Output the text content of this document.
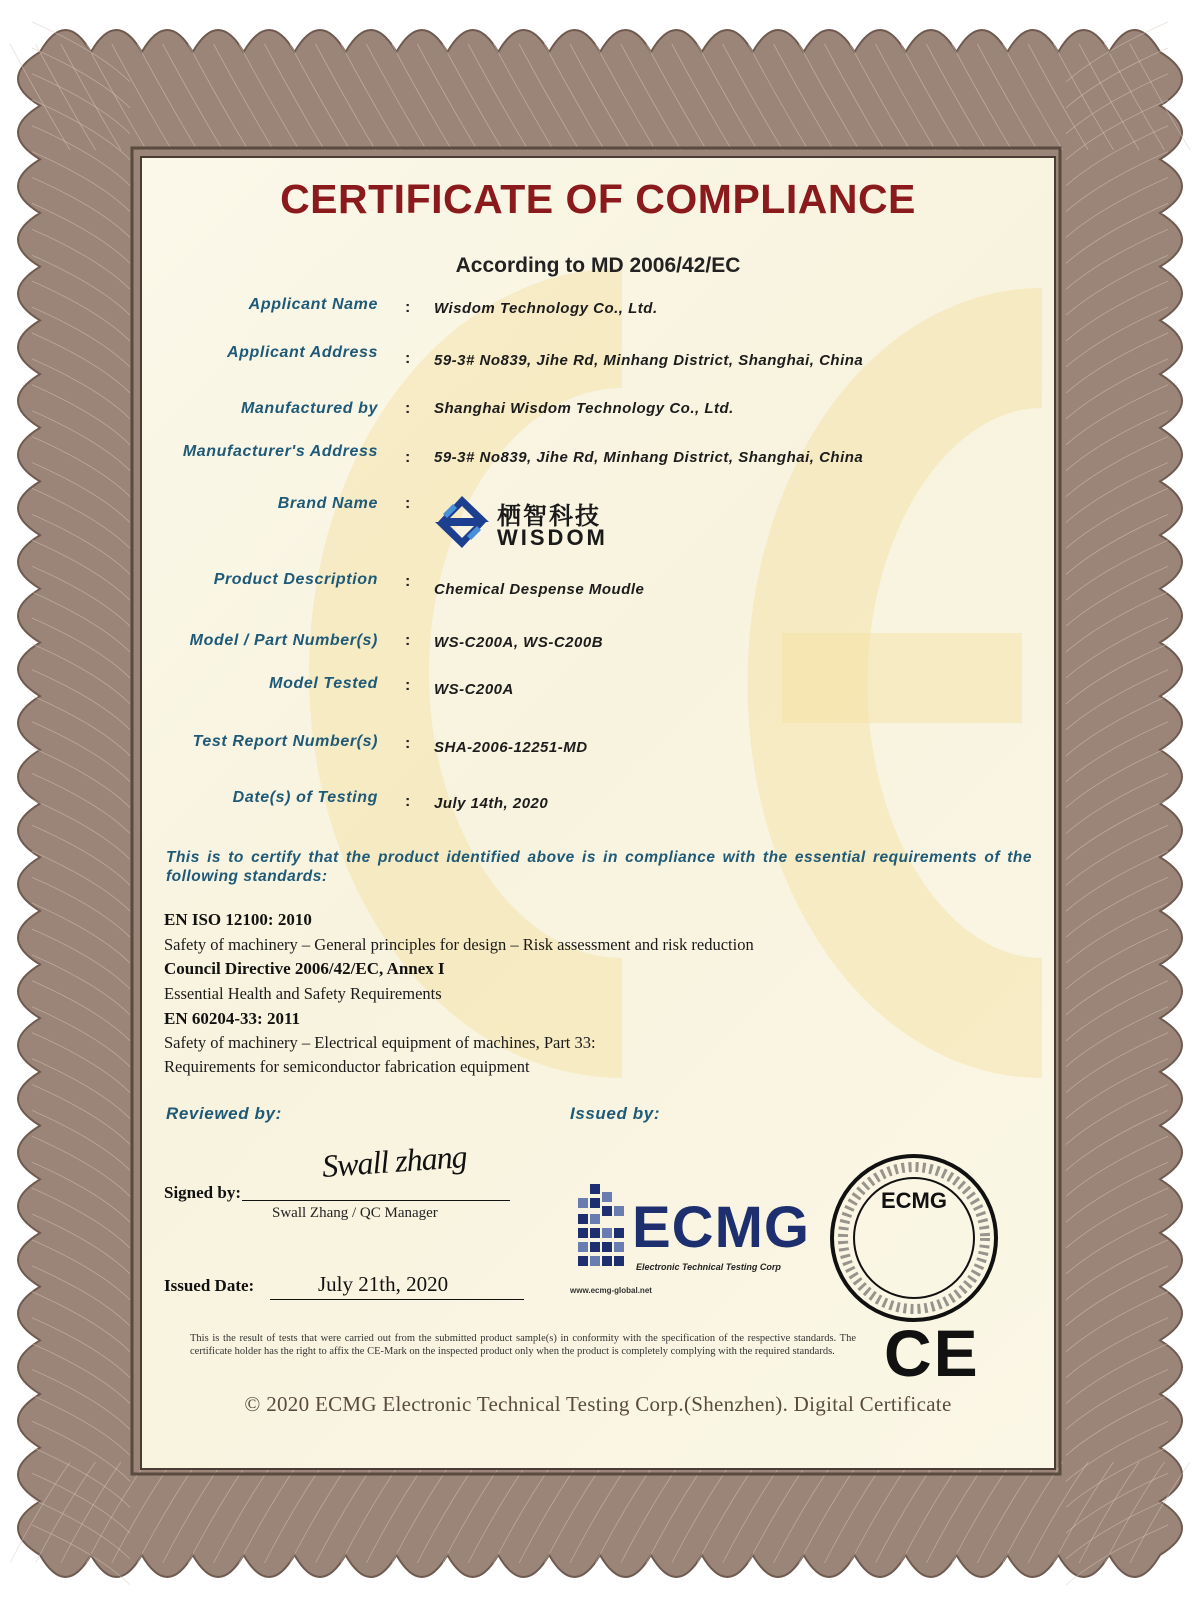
CERTIFICATE OF COMPLIANCE
According to MD 2006/42/EC
Applicant Name : Wisdom Technology Co., Ltd.
Applicant Address : 59-3# No839, Jihe Rd, Minhang District, Shanghai, China
Manufactured by : Shanghai Wisdom Technology Co., Ltd.
Manufacturer's Address : 59-3# No839, Jihe Rd, Minhang District, Shanghai, China
Brand Name :	栖智科技
WISDOM
Product Description : Chemical Despense Moudle
Model / Part Number(s) : WS-C200A, WS-C200B
Model Tested : WS-C200A
Test Report Number(s) : SHA-2006-12251-MD
Date(s) of Testing : July 14th, 2020
This is to certify that the product identified above is in compliance with the essential requirements of the following standards:
EN ISO 12100: 2010
Safety of machinery – General principles for design – Risk assessment and risk reduction
Council Directive 2006/42/EC, Annex I
Essential Health and Safety Requirements
EN 60204-33: 2011
Safety of machinery – Electrical equipment of machines, Part 33:
Requirements for semiconductor fabrication equipment
Reviewed by:	Issued by:
Signed by:
Swall zhang
Swall Zhang / QC Manager
Issued Date:	July 21th, 2020
ECMG
Electronic Technical Testing Corp
www.ecmg-global.net
ECMG
CE
This is the result of tests that were carried out from the submitted product sample(s) in conformity with the specification of the respective standards. The certificate holder has the right to affix the CE-Mark on the inspected product only when the product is completely complying with the required standards.
© 2020 ECMG Electronic Technical Testing Corp.(Shenzhen). Digital Certificate
